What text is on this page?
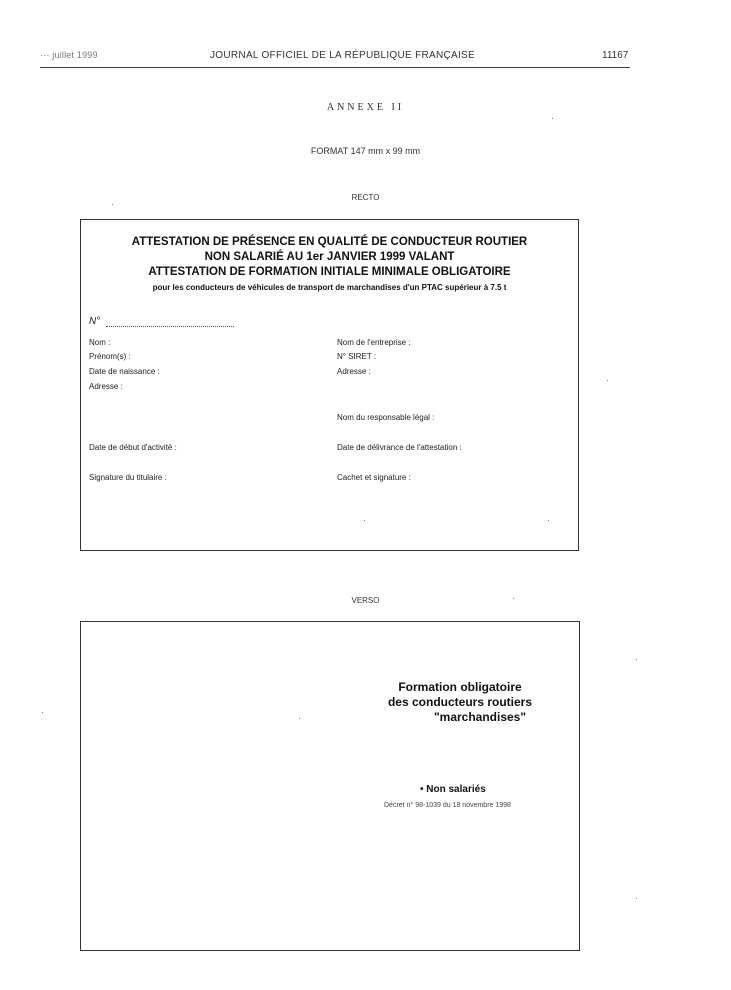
··· juillet 1999	JOURNAL OFFICIEL DE LA RÉPUBLIQUE FRANÇAISE	11167
ANNEXE II
FORMAT 147 mm x 99 mm
RECTO
ATTESTATION DE PRÉSENCE EN QUALITÉ DE CONDUCTEUR ROUTIER
NON SALARIÉ AU 1er JANVIER 1999 VALANT
ATTESTATION DE FORMATION INITIALE MINIMALE OBLIGATOIRE
pour les conducteurs de véhicules de transport de marchandises d'un PTAC supérieur à 7.5 t
N°
Nom :
Prénom(s) :
Date de naissance :
Adresse :
Date de début d'activité :
Signature du titulaire :
Nom de l'entreprise :
N° SIRET :
Adresse :
Nom du responsable légal :
Date de délivrance de l'attestation :
Cachet et signature :
VERSO
Formation obligatoire
des conducteurs routiers
"marchandises"
• Non salariés
Décret n° 98-1039 du 18 novembre 1998
